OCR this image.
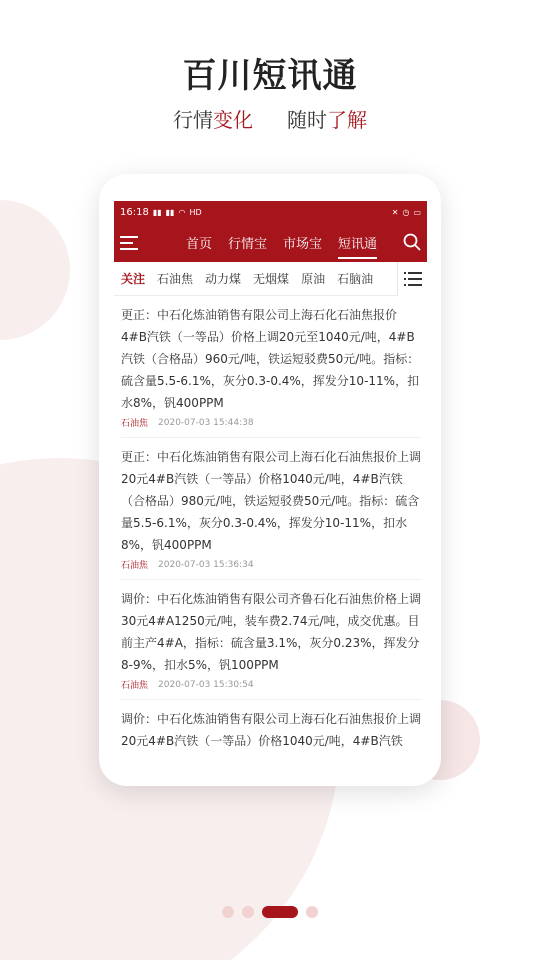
8:21
百川短讯通
行情变化 随时了解
16:18 ▮▮ ▮▮ ◠ HD	✕ ◷ ▭
首页 行情宝 市场宝 短讯通
关注 石油焦 动力煤 无烟煤 原油 石脑油
更正：中石化炼油销售有限公司上海石化石油焦报价4#B汽铁（一等品）价格上调20元至1040元/吨，4#B汽铁（合格品）960元/吨，铁运短驳费50元/吨。指标：硫含量5.5-6.1%，灰分0.3-0.4%，挥发分10-11%，扣水8%，钒400PPM
石油焦 2020-07-03 15:44:38
更正：中石化炼油销售有限公司上海石化石油焦报价上调20元4#B汽铁（一等品）价格1040元/吨，4#B汽铁（合格品）980元/吨，铁运短驳费50元/吨。指标：硫含量5.5-6.1%，灰分0.3-0.4%，挥发分10-11%，扣水8%，钒400PPM
石油焦 2020-07-03 15:36:34
调价：中石化炼油销售有限公司齐鲁石化石油焦价格上调30元4#A1250元/吨，装车费2.74元/吨，成交优惠。目前主产4#A，指标：硫含量3.1%，灰分0.23%，挥发分8-9%，扣水5%，钒100PPM
石油焦 2020-07-03 15:30:54
调价：中石化炼油销售有限公司上海石化石油焦报价上调20元4#B汽铁（一等品）价格1040元/吨，4#B汽铁
